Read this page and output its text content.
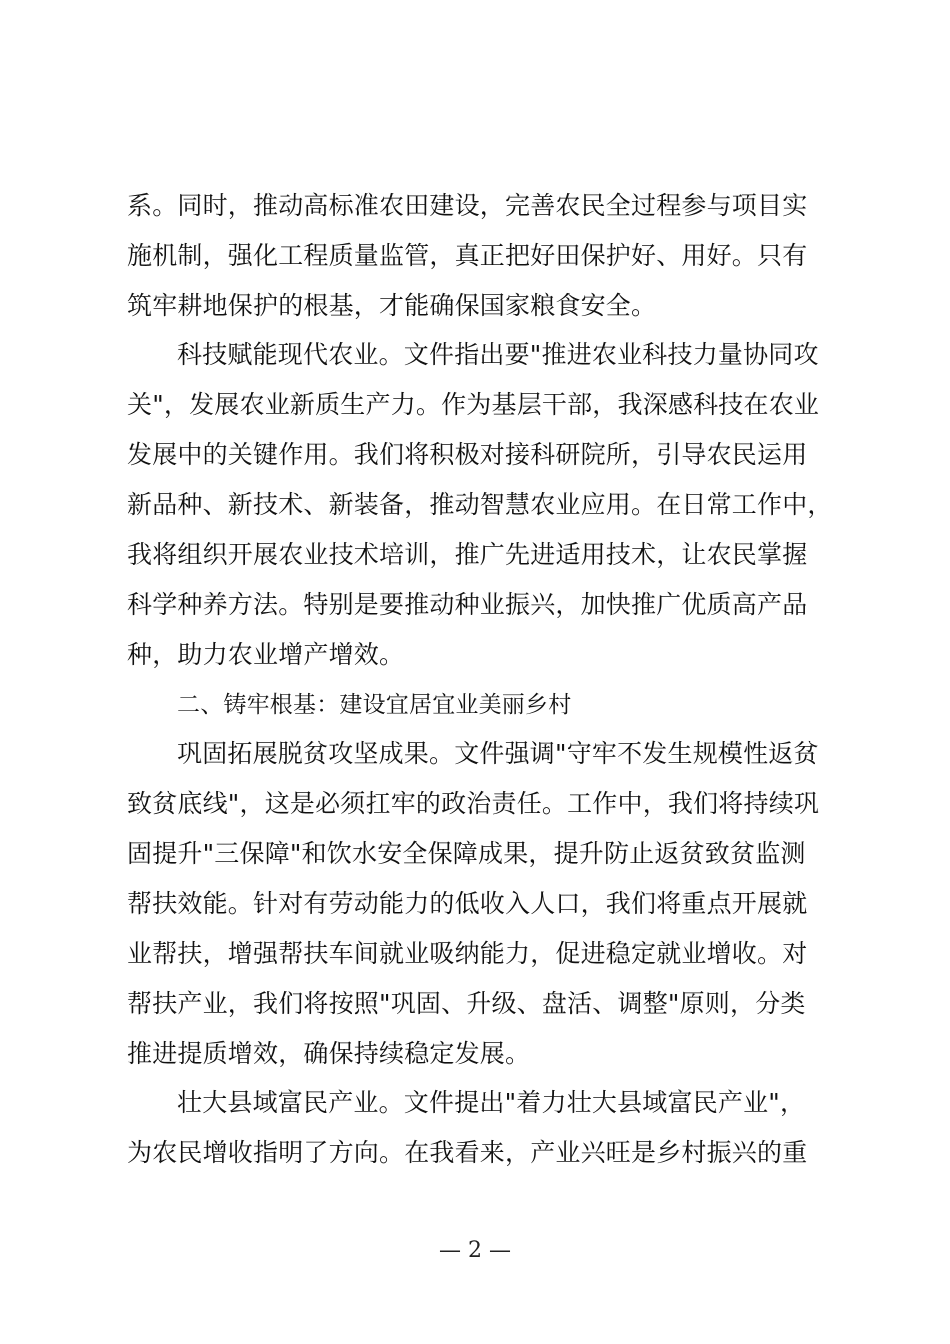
系。同时，推动高标准农田建设，完善农民全过程参与项目实
施机制，强化工程质量监管，真正把好田保护好、用好。只有
筑牢耕地保护的根基，才能确保国家粮食安全。
科技赋能现代农业。文件指出要"推进农业科技力量协同攻
关"，发展农业新质生产力。作为基层干部，我深感科技在农业
发展中的关键作用。我们将积极对接科研院所，引导农民运用
新品种、新技术、新装备，推动智慧农业应用。在日常工作中，
我将组织开展农业技术培训，推广先进适用技术，让农民掌握
科学种养方法。特别是要推动种业振兴，加快推广优质高产品
种，助力农业增产增效。
二、铸牢根基：建设宜居宜业美丽乡村
巩固拓展脱贫攻坚成果。文件强调"守牢不发生规模性返贫
致贫底线"，这是必须扛牢的政治责任。工作中，我们将持续巩
固提升"三保障"和饮水安全保障成果，提升防止返贫致贫监测
帮扶效能。针对有劳动能力的低收入人口，我们将重点开展就
业帮扶，增强帮扶车间就业吸纳能力，促进稳定就业增收。对
帮扶产业，我们将按照"巩固、升级、盘活、调整"原则，分类
推进提质增效，确保持续稳定发展。
壮大县域富民产业。文件提出"着力壮大县域富民产业"，
为农民增收指明了方向。在我看来，产业兴旺是乡村振兴的重
— 2 —
